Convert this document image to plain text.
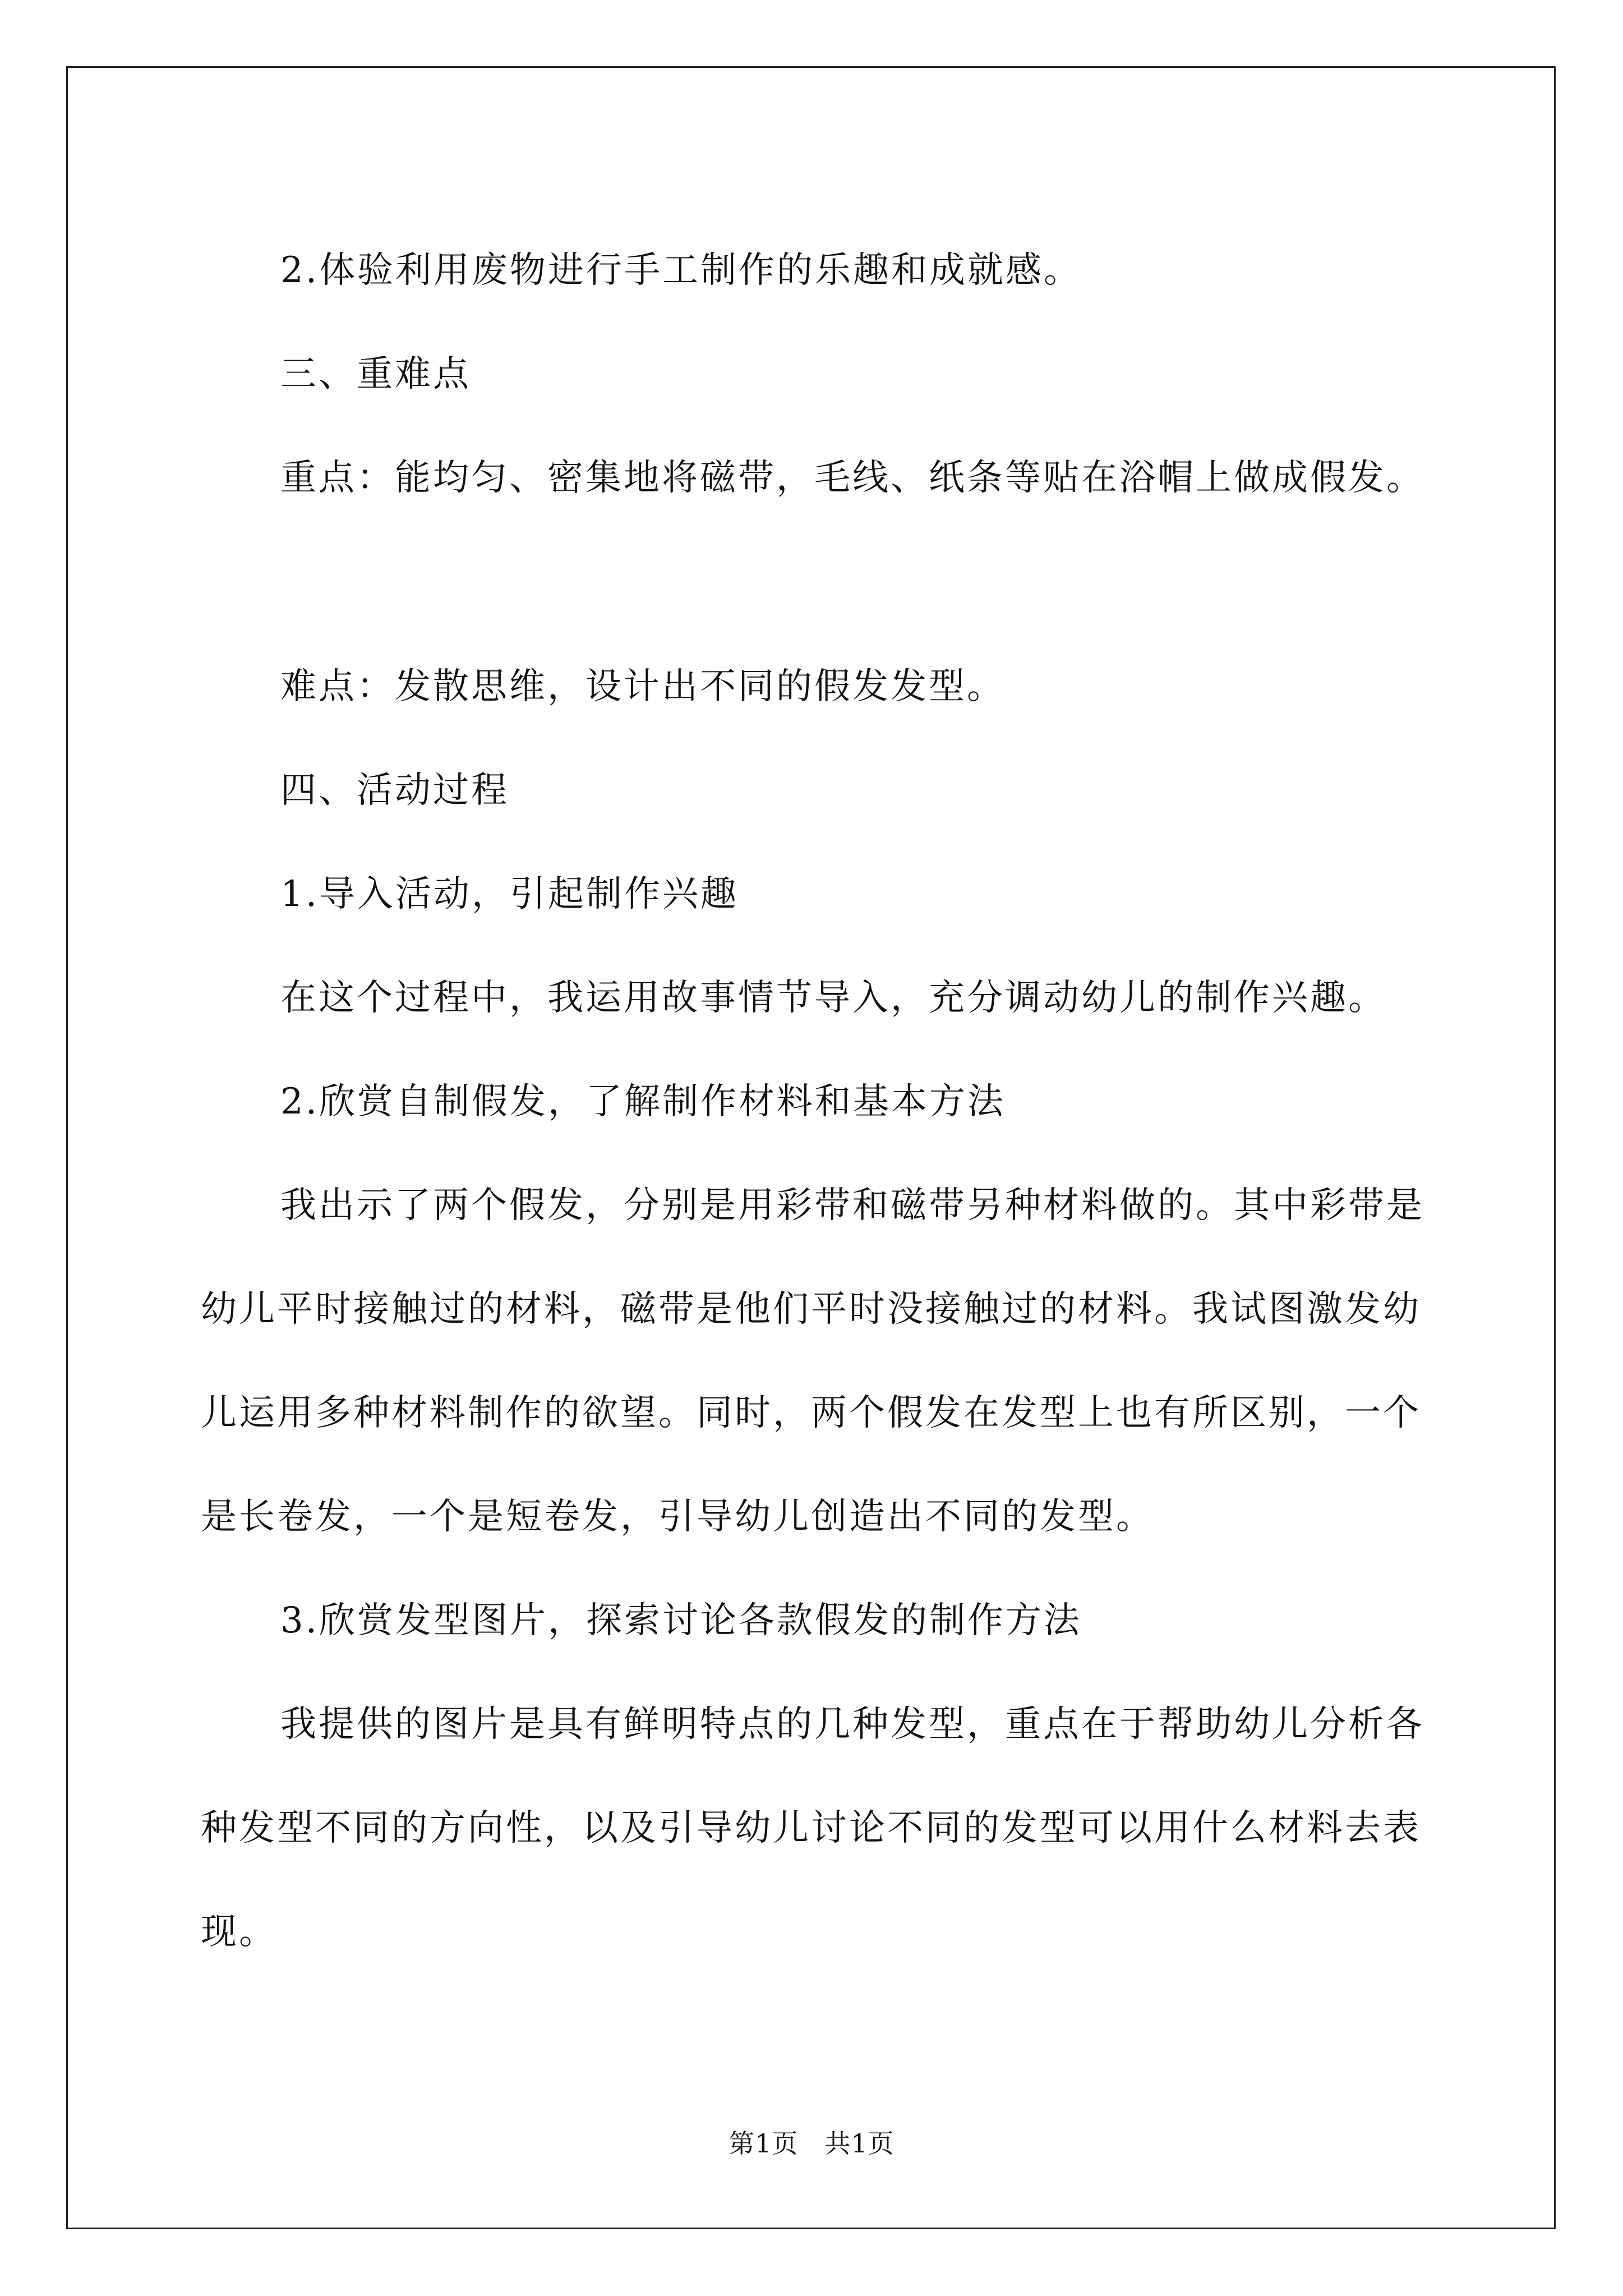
2.体验利用废物进行手工制作的乐趣和成就感。
三、重难点
重点：能均匀、密集地将磁带，毛线、纸条等贴在浴帽上做成假发。
难点：发散思维，设计出不同的假发发型。
四、活动过程
1.导入活动，引起制作兴趣
在这个过程中，我运用故事情节导入，充分调动幼儿的制作兴趣。
2.欣赏自制假发，了解制作材料和基本方法
我出示了两个假发，分别是用彩带和磁带另种材料做的。其中彩带是幼儿平时接触过的材料，磁带是他们平时没接触过的材料。我试图激发幼儿运用多种材料制作的欲望。同时，两个假发在发型上也有所区别，一个是长卷发，一个是短卷发，引导幼儿创造出不同的发型。
3.欣赏发型图片，探索讨论各款假发的制作方法
我提供的图片是具有鲜明特点的几种发型，重点在于帮助幼儿分析各种发型不同的方向性，以及引导幼儿讨论不同的发型可以用什么材料去表现。
第1页　共1页
